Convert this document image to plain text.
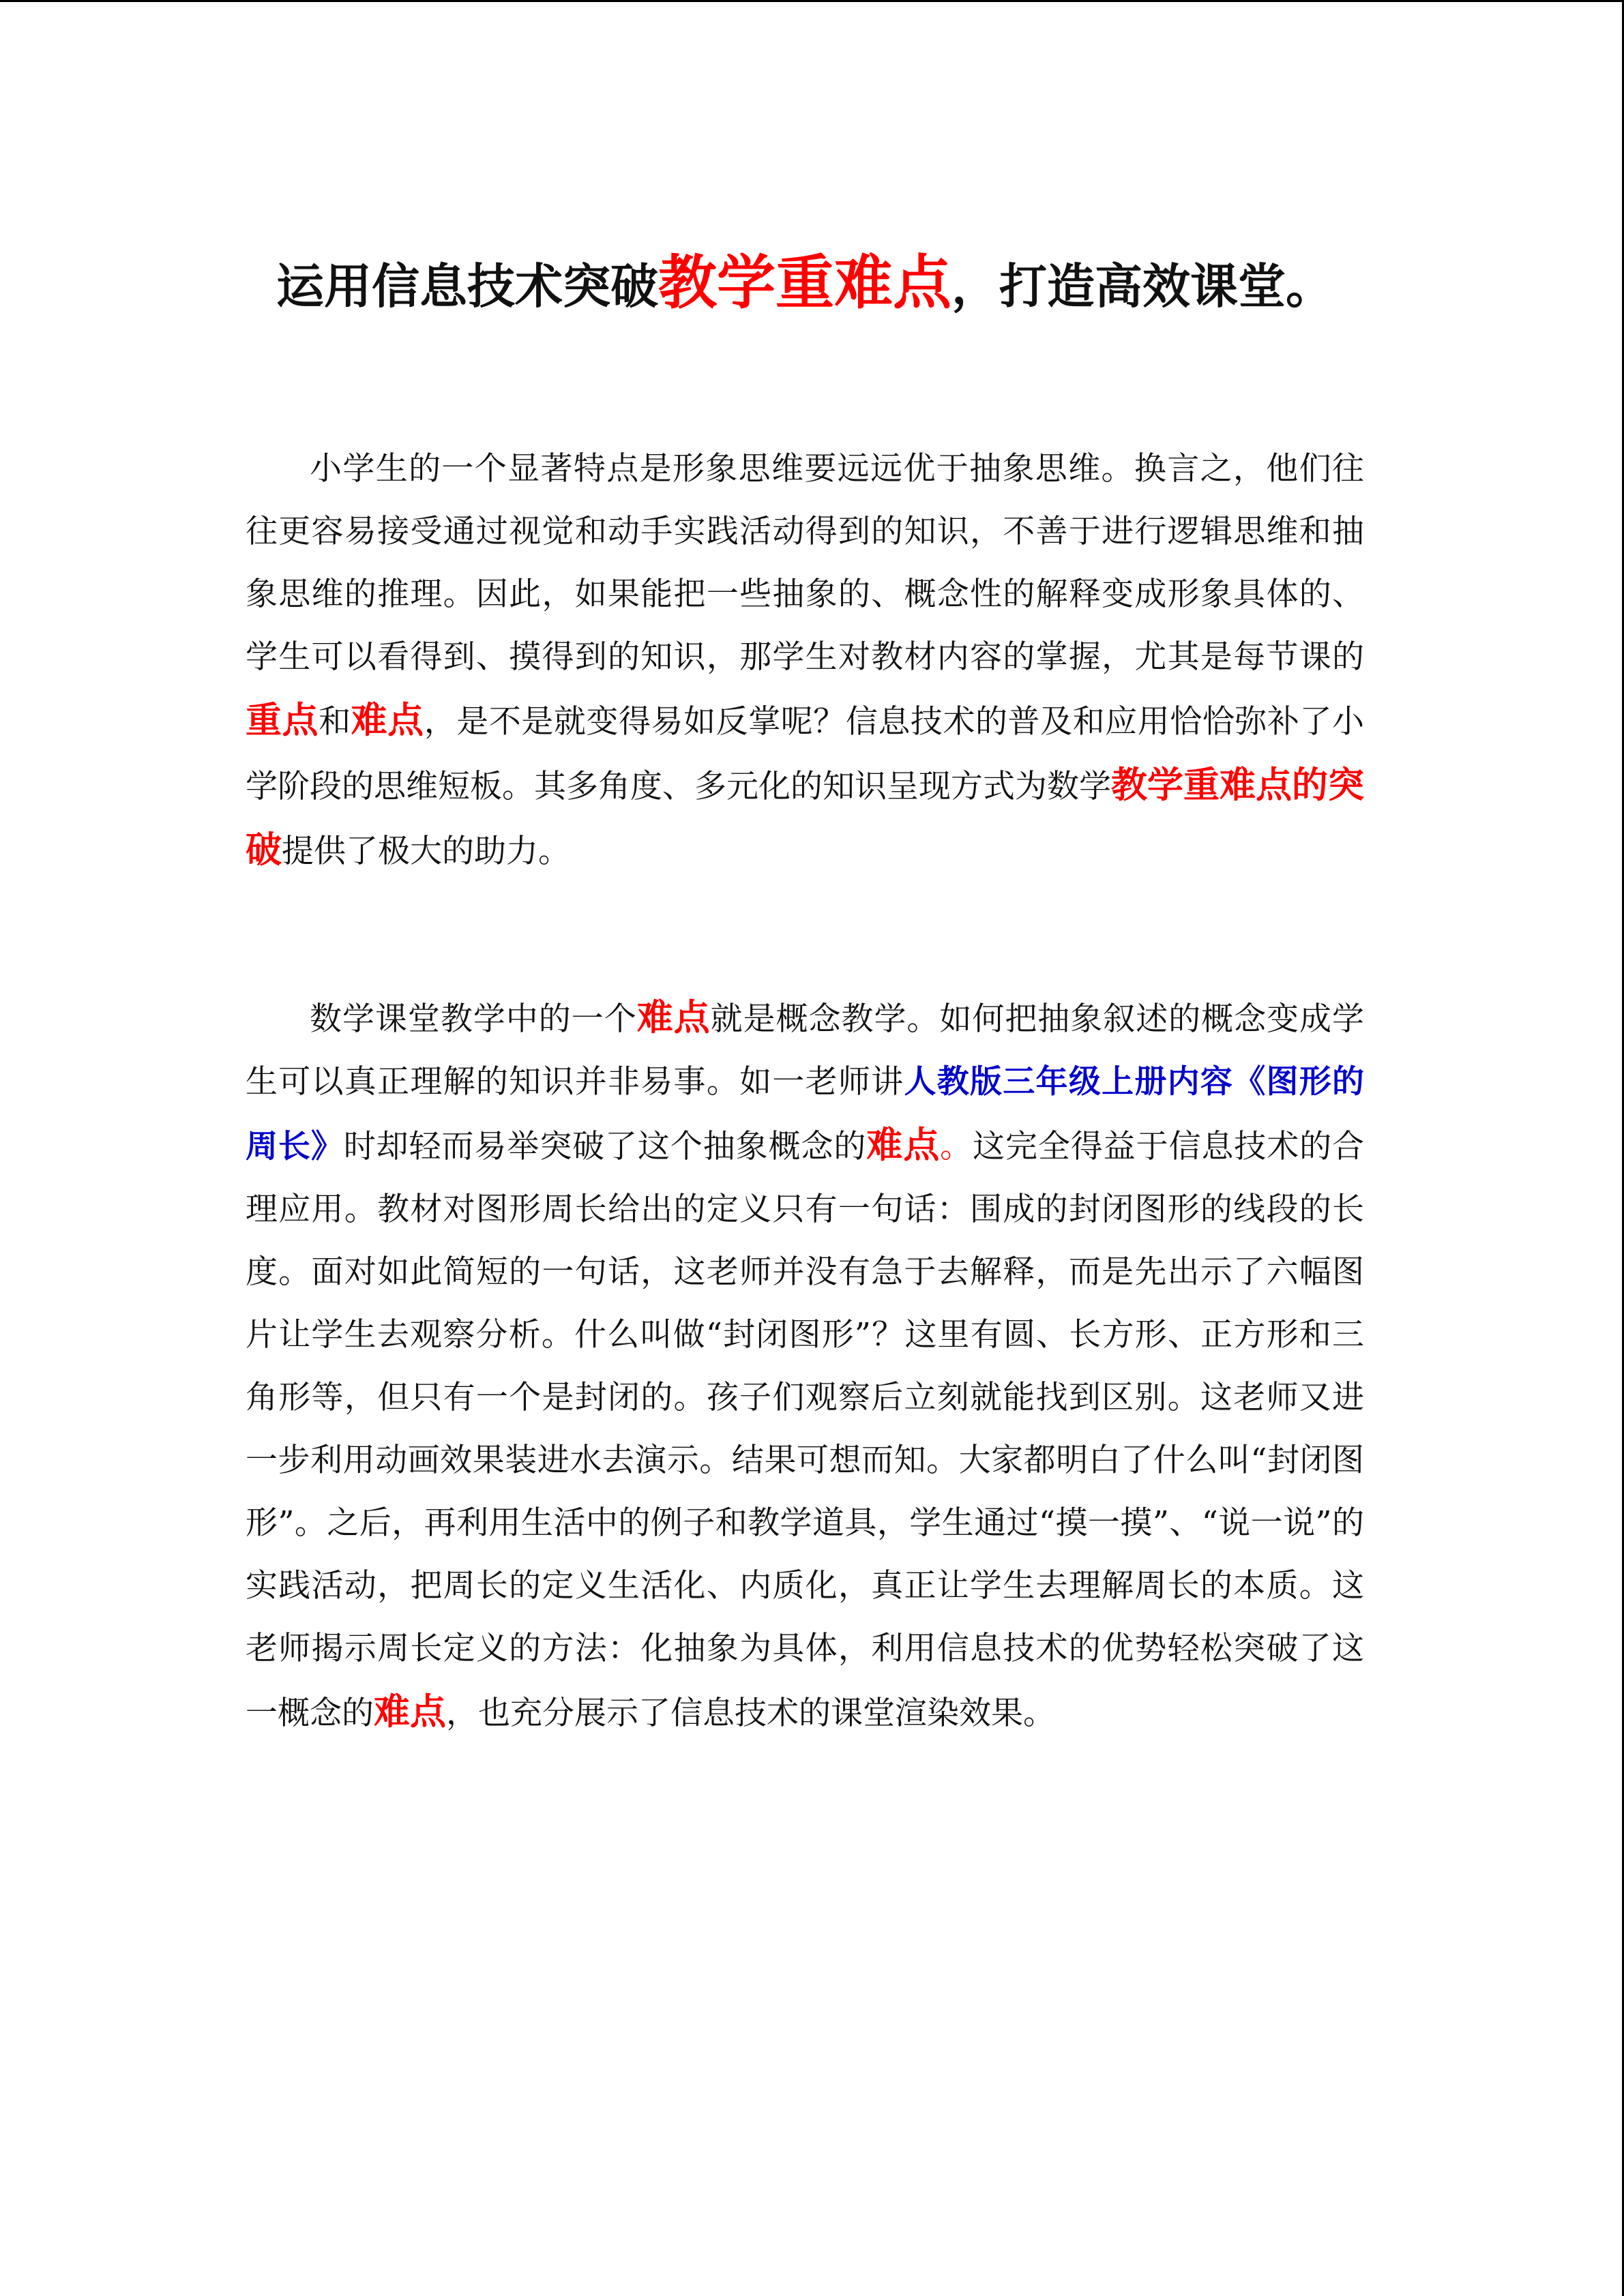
运用信息技术突破教学重难点，打造高效课堂。

小学生的一个显著特点是形象思维要远远优于抽象思维。换言之，他们往往更容易接受通过视觉和动手实践活动得到的知识，不善于进行逻辑思维和抽象思维的推理。因此，如果能把一些抽象的、概念性的解释变成形象具体的、学生可以看得到、摸得到的知识，那学生对教材内容的掌握，尤其是每节课的重点和难点，是不是就变得易如反掌呢？信息技术的普及和应用恰恰弥补了小学阶段的思维短板。其多角度、多元化的知识呈现方式为数学教学重难点的突破提供了极大的助力。

数学课堂教学中的一个难点就是概念教学。如何把抽象叙述的概念变成学生可以真正理解的知识并非易事。如一老师讲人教版三年级上册内容《图形的周长》时却轻而易举突破了这个抽象概念的难点。这完全得益于信息技术的合理应用。教材对图形周长给出的定义只有一句话：围成的封闭图形的线段的长度。面对如此简短的一句话，这老师并没有急于去解释，而是先出示了六幅图片让学生去观察分析。什么叫做“封闭图形”？这里有圆、长方形、正方形和三角形等，但只有一个是封闭的。孩子们观察后立刻就能找到区别。这老师又进一步利用动画效果装进水去演示。结果可想而知。大家都明白了什么叫“封闭图形”。之后，再利用生活中的例子和教学道具，学生通过“摸一摸”、“说一说”的实践活动，把周长的定义生活化、内质化，真正让学生去理解周长的本质。这老师揭示周长定义的方法：化抽象为具体，利用信息技术的优势轻松突破了这一概念的难点，也充分展示了信息技术的课堂渲染效果。
